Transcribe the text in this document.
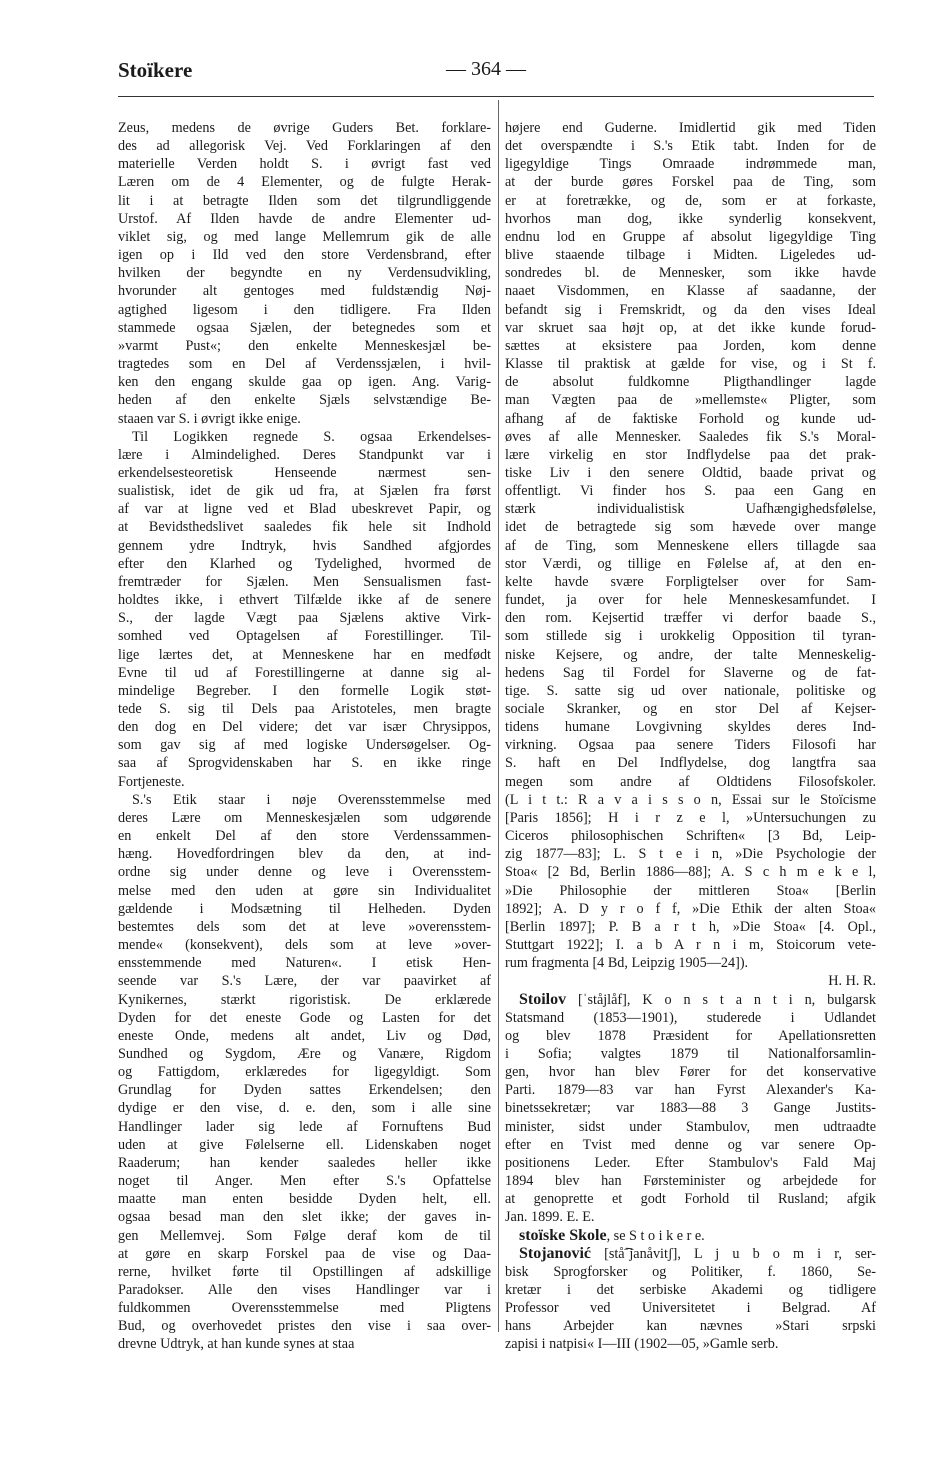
Stoïkere	— 364 —
Zeus, medens de øvrige Guders Bet. forklare-
des ad allegorisk Vej. Ved Forklaringen af den
materielle Verden holdt S. i øvrigt fast ved
Læren om de 4 Elementer, og de fulgte Herak-
lit i at betragte Ilden som det tilgrundliggende
Urstof. Af Ilden havde de andre Elementer ud-
viklet sig, og med lange Mellemrum gik de alle
igen op i Ild ved den store Verdensbrand, efter
hvilken der begyndte en ny Verdensudvikling,
hvorunder alt gentoges med fuldstændig Nøj-
agtighed ligesom i den tidligere. Fra Ilden
stammede ogsaa Sjælen, der betegnedes som et
»varmt Pust«; den enkelte Menneskesjæl be-
tragtedes som en Del af Verdenssjælen, i hvil-
ken den engang skulde gaa op igen. Ang. Varig-
heden af den enkelte Sjæls selvstændige Be-
staaen var S. i øvrigt ikke enige.
Til Logikken regnede S. ogsaa Erkendelses-
lære i Almindelighed. Deres Standpunkt var i
erkendelsesteoretisk Henseende nærmest sen-
sualistisk, idet de gik ud fra, at Sjælen fra først
af var at ligne ved et Blad ubeskrevet Papir, og
at Bevidsthedslivet saaledes fik hele sit Indhold
gennem ydre Indtryk, hvis Sandhed afgjordes
efter den Klarhed og Tydelighed, hvormed de
fremtræder for Sjælen. Men Sensualismen fast-
holdtes ikke, i ethvert Tilfælde ikke af de senere
S., der lagde Vægt paa Sjælens aktive Virk-
somhed ved Optagelsen af Forestillinger. Til-
lige lærtes det, at Menneskene har en medfødt
Evne til ud af Forestillingerne at danne sig al-
mindelige Begreber. I den formelle Logik støt-
tede S. sig til Dels paa Aristoteles, men bragte
den dog en Del videre; det var især Chrysippos,
som gav sig af med logiske Undersøgelser. Og-
saa af Sprogvidenskaben har S. en ikke ringe
Fortjeneste.
S.'s Etik staar i nøje Overensstemmelse med
deres Lære om Menneskesjælen som udgørende
en enkelt Del af den store Verdenssammen-
hæng. Hovedfordringen blev da den, at ind-
ordne sig under denne og leve i Overensstem-
melse med den uden at gøre sin Individualitet
gældende i Modsætning til Helheden. Dyden
bestemtes dels som det at leve »overensstem-
mende« (konsekvent), dels som at leve »over-
ensstemmende med Naturen«. I etisk Hen-
seende var S.'s Lære, der var paavirket af
Kynikernes, stærkt rigoristisk. De erklærede
Dyden for det eneste Gode og Lasten for det
eneste Onde, medens alt andet, Liv og Død,
Sundhed og Sygdom, Ære og Vanære, Rigdom
og Fattigdom, erklæredes for ligegyldigt. Som
Grundlag for Dyden sattes Erkendelsen; den
dydige er den vise, d. e. den, som i alle sine
Handlinger lader sig lede af Fornuftens Bud
uden at give Følelserne ell. Lidenskaben noget
Raaderum; han kender saaledes heller ikke
noget til Anger. Men efter S.'s Opfattelse
maatte man enten besidde Dyden helt, ell.
ogsaa besad man den slet ikke; der gaves in-
gen Mellemvej. Som Følge deraf kom de til
at gøre en skarp Forskel paa de vise og Daa-
rerne, hvilket førte til Opstillingen af adskillige
Paradokser. Alle den vises Handlinger var i
fuldkommen Overensstemmelse med Pligtens
Bud, og overhovedet pristes den vise i saa over-
drevne Udtryk, at han kunde synes at staa
højere end Guderne. Imidlertid gik med Tiden
det overspændte i S.'s Etik tabt. Inden for de
ligegyldige Tings Omraade indrømmede man,
at der burde gøres Forskel paa de Ting, som
er at foretrække, og de, som er at forkaste,
hvorhos man dog, ikke synderlig konsekvent,
endnu lod en Gruppe af absolut ligegyldige Ting
blive staaende tilbage i Midten. Ligeledes ud-
sondredes bl. de Mennesker, som ikke havde
naaet Visdommen, en Klasse af saadanne, der
befandt sig i Fremskridt, og da den vises Ideal
var skruet saa højt op, at det ikke kunde forud-
sættes at eksistere paa Jorden, kom denne
Klasse til praktisk at gælde for vise, og i St f.
de absolut fuldkomne Pligthandlinger lagde
man Vægten paa de »mellemste« Pligter, som
afhang af de faktiske Forhold og kunde ud-
øves af alle Mennesker. Saaledes fik S.'s Moral-
lære virkelig en stor Indflydelse paa det prak-
tiske Liv i den senere Oldtid, baade privat og
offentligt. Vi finder hos S. paa een Gang en
stærk individualistisk Uafhængighedsfølelse,
idet de betragtede sig som hævede over mange
af de Ting, som Menneskene ellers tillagde saa
stor Værdi, og tillige en Følelse af, at den en-
kelte havde svære Forpligtelser over for Sam-
fundet, ja over for hele Menneskesamfundet. I
den rom. Kejsertid træffer vi derfor baade S.,
som stillede sig i urokkelig Opposition til tyran-
niske Kejsere, og andre, der talte Menneskelig-
hedens Sag til Fordel for Slaverne og de fat-
tige. S. satte sig ud over nationale, politiske og
sociale Skranker, og en stor Del af Kejser-
tidens humane Lovgivning skyldes deres Ind-
virkning. Ogsaa paa senere Tiders Filosofi har
S. haft en Del Indflydelse, dog langtfra saa
megen som andre af Oldtidens Filosofskoler.
(L i t t.: R a v a i s s o n, Essai sur le Stoïcisme
[Paris 1856]; H i r z e l, »Untersuchungen zu
Ciceros philosophischen Schriften« [3 Bd, Leip-
zig 1877—83]; L. S t e i n, »Die Psychologie der
Stoa« [2 Bd, Berlin 1886—88]; A. S c h m e k e l,
»Die Philosophie der mittleren Stoa« [Berlin
1892]; A. D y r o f f, »Die Ethik der alten Stoa«
[Berlin 1897]; P. B a r t h, »Die Stoa« [4. Opl.,
Stuttgart 1922]; I. a b A r n i m, Stoicorum vete-
rum fragmenta [4 Bd, Leipzig 1905—24]).
H. H. R.
Stoilov [ˈståjlåf], K o n s t a n t i n, bulgarsk
Statsmand (1853—1901), studerede i Udlandet
og blev 1878 Præsident for Apellationsretten
i Sofia; valgtes 1879 til Nationalforsamlin-
gen, hvor han blev Fører for det konservative
Parti. 1879—83 var han Fyrst Alexander's Ka-
binetssekretær; var 1883—88 3 Gange Justits-
minister, sidst under Stambulov, men udtraadte
efter en Tvist med denne og var senere Op-
positionens Leder. Efter Stambulov's Fald Maj
1894 blev han Førsteminister og arbejdede for
at genoprette et godt Forhold til Rusland; afgik
Jan. 1899. E. E.
stoïske Skole, se S t o i k e r e.
Stojanović [stå͡ˈjanåvitʃ], L j u b o m i r, ser-
bisk Sprogforsker og Politiker, f. 1860, Se-
kretær i det serbiske Akademi og tidligere
Professor ved Universitetet i Belgrad. Af
hans Arbejder kan nævnes »Stari srpski
zapisi i natpisi« I—III (1902—05, »Gamle serb.
